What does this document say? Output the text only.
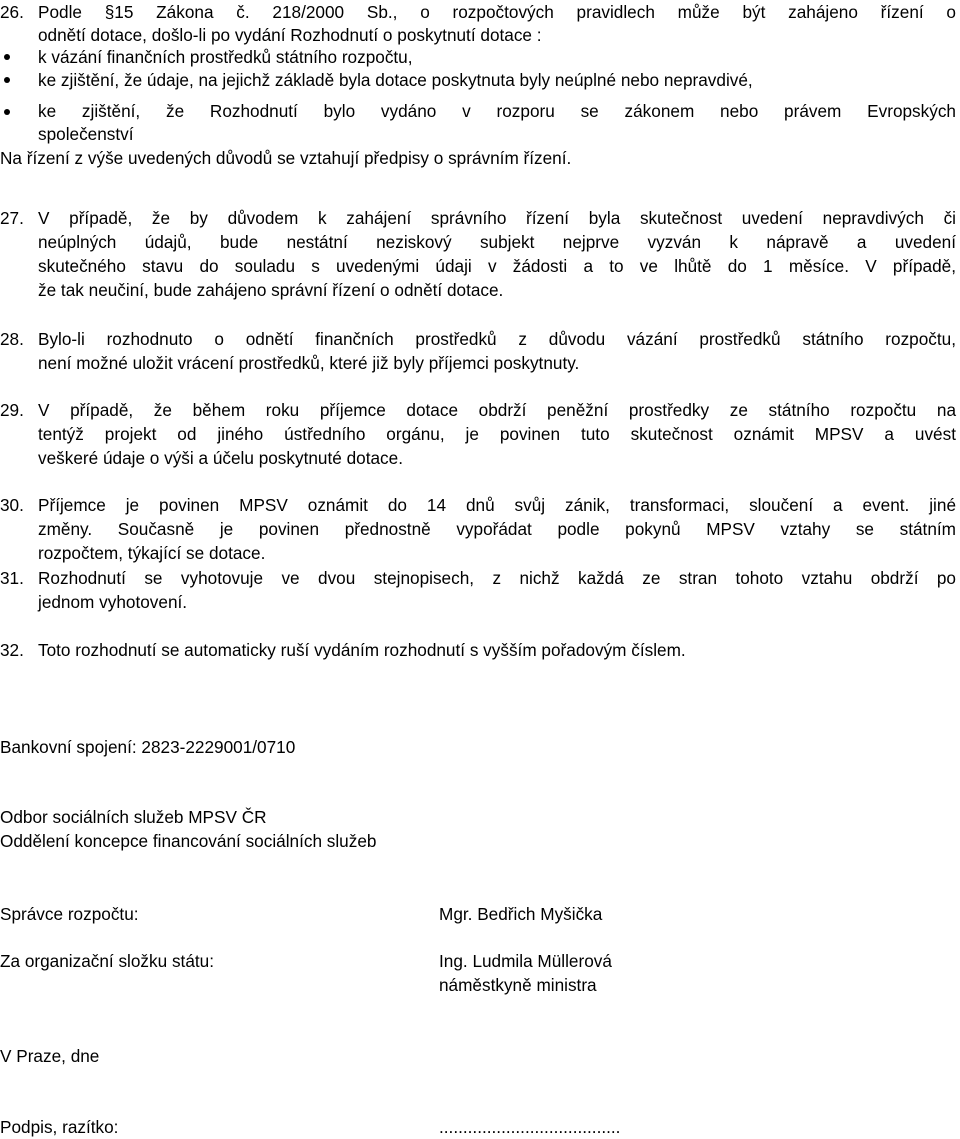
26. Podle §15 Zákona č. 218/2000 Sb., o rozpočtových pravidlech může být zahájeno řízení o
odnětí dotace, došlo-li po vydání Rozhodnutí o poskytnutí dotace :
k vázání finančních prostředků státního rozpočtu,
ke zjištění, že údaje, na jejichž základě byla dotace poskytnuta byly neúplné nebo nepravdivé,
ke zjištění, že Rozhodnutí bylo vydáno v rozporu se zákonem nebo právem Evropských
společenství
Na řízení z výše uvedených důvodů se vztahují předpisy o správním řízení.
27. V případě, že by důvodem k zahájení správního řízení byla skutečnost uvedení nepravdivých či
neúplných údajů, bude nestátní neziskový subjekt nejprve vyzván k nápravě a uvedení
skutečného stavu do souladu s uvedenými údaji v žádosti a to ve lhůtě do 1 měsíce. V případě,
že tak neučiní, bude zahájeno správní řízení o odnětí dotace.
28. Bylo-li rozhodnuto o odnětí finančních prostředků z důvodu vázání prostředků státního rozpočtu,
není možné uložit vrácení prostředků, které již byly příjemci poskytnuty.
29. V případě, že během roku příjemce dotace obdrží peněžní prostředky ze státního rozpočtu na
tentýž projekt od jiného ústředního orgánu, je povinen tuto skutečnost oznámit MPSV a uvést
veškeré údaje o výši a účelu poskytnuté dotace.
30. Příjemce je povinen MPSV oznámit do 14 dnů svůj zánik, transformaci, sloučení a event. jiné
změny. Současně je povinen přednostně vypořádat podle pokynů MPSV vztahy se státním
rozpočtem, týkající se dotace.
31. Rozhodnutí se vyhotovuje ve dvou stejnopisech, z nichž každá ze stran tohoto vztahu obdrží po
jednom vyhotovení.
32. Toto rozhodnutí se automaticky ruší vydáním rozhodnutí s vyšším pořadovým číslem.
Bankovní spojení: 2823-2229001/0710
Odbor sociálních služeb MPSV ČR
Oddělení koncepce financování sociálních služeb
Správce rozpočtu:	Mgr. Bedřich Myšička
Za organizační složku státu:	Ing. Ludmila Müllerová
náměstkyně ministra
V Praze, dne
Podpis, razítko:	......................................
